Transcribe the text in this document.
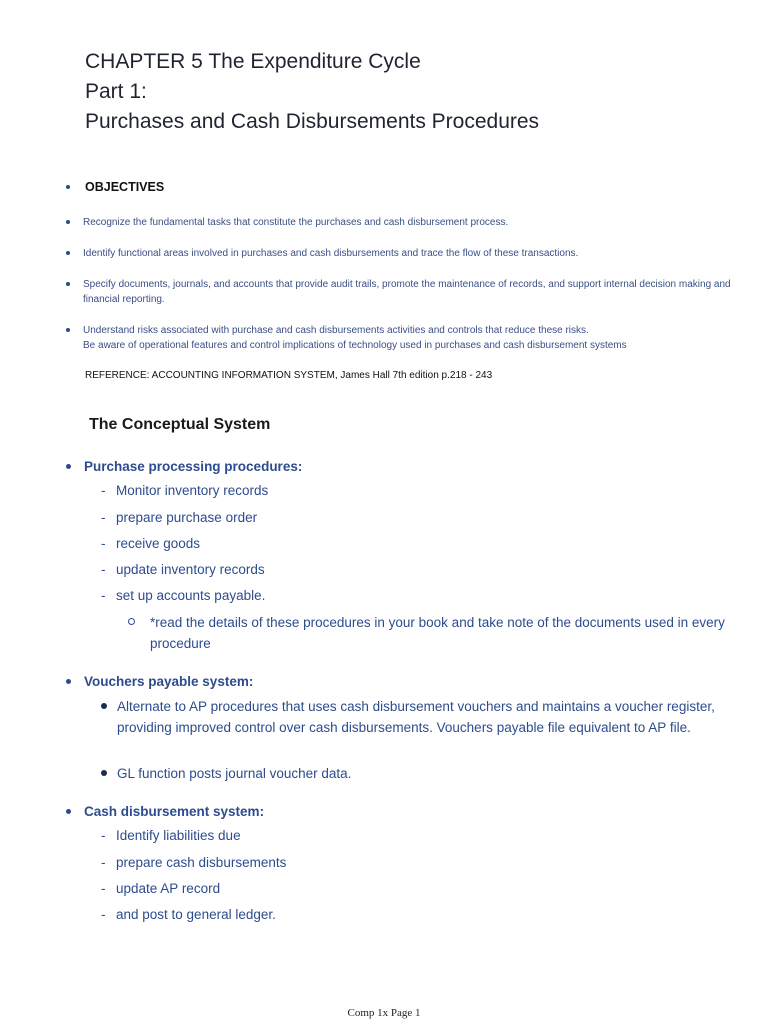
CHAPTER 5 The Expenditure Cycle
Part 1:
Purchases and Cash Disbursements Procedures
OBJECTIVES
Recognize the fundamental tasks that constitute the purchases and cash disbursement process.
Identify functional areas involved in purchases and cash disbursements and trace the flow of these transactions.
Specify documents, journals, and accounts that provide audit trails, promote the maintenance of records, and support internal decision making and financial reporting.
Understand risks associated with purchase and cash disbursements activities and controls that reduce these risks.
Be aware of operational features and control implications of technology used in purchases and cash disbursement systems
REFERENCE: ACCOUNTING INFORMATION SYSTEM, James Hall 7th edition p.218 - 243
The Conceptual System
Purchase processing procedures:
- Monitor inventory records
- prepare purchase order
- receive goods
- update inventory records
- set up accounts payable.
*read the details of these procedures in your book and take note of the documents used in every procedure
Vouchers payable system:
Alternate to AP procedures that uses cash disbursement vouchers and maintains a voucher register, providing improved control over cash disbursements. Vouchers payable file equivalent to AP file.
GL function posts journal voucher data.
Cash disbursement system:
- Identify liabilities due
- prepare cash disbursements
- update AP record
- and post to general ledger.
Comp 1x Page 1
